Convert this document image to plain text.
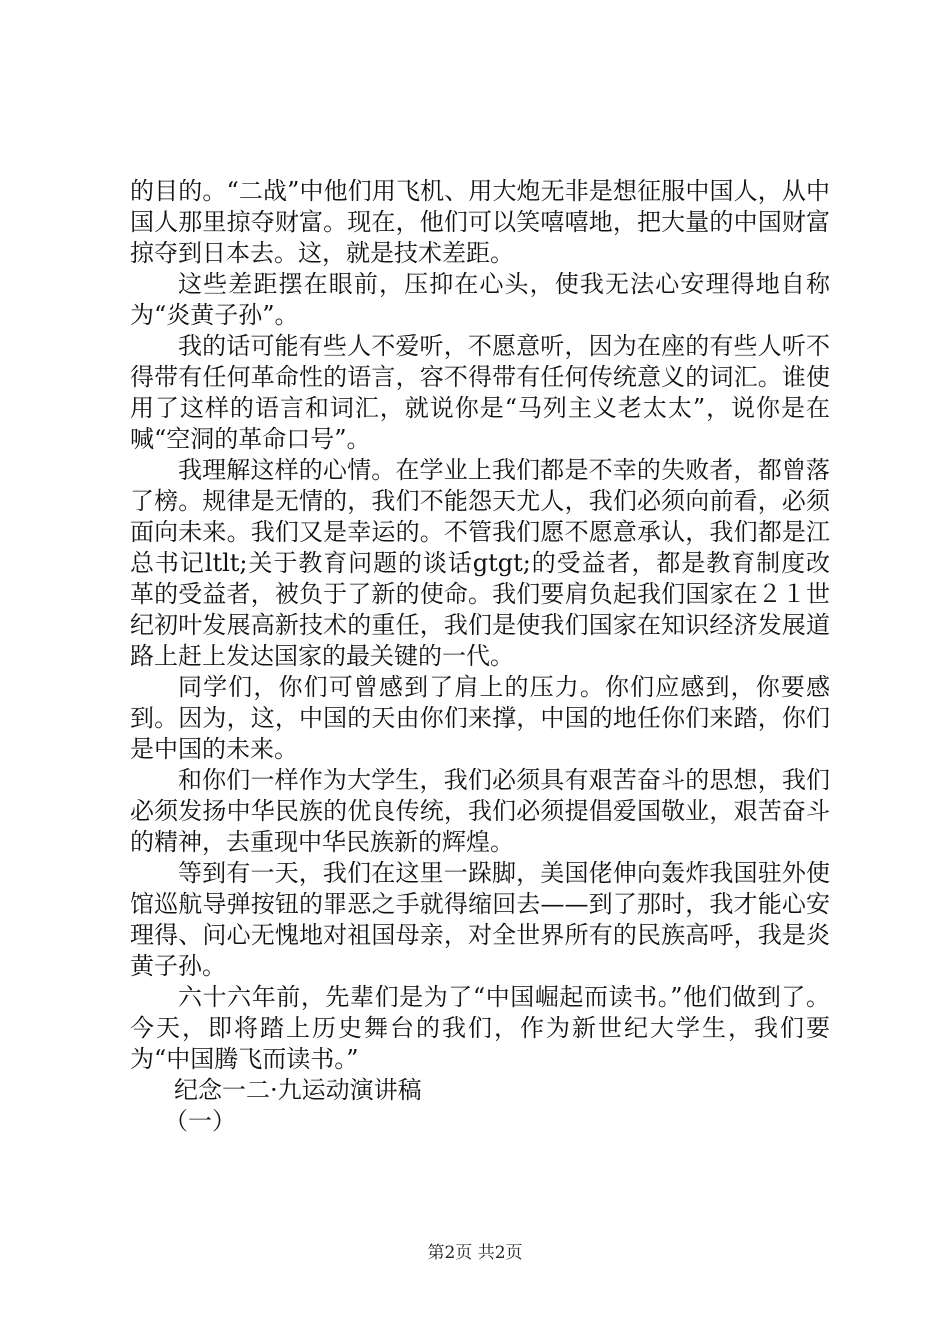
的目的。“二战”中他们用飞机、用大炮无非是想征服中国人，从中国人那里掠夺财富。现在，他们可以笑嘻嘻地，把大量的中国财富掠夺到日本去。这，就是技术差距。

这些差距摆在眼前，压抑在心头，使我无法心安理得地自称为“炎黄子孙”。

我的话可能有些人不爱听，不愿意听，因为在座的有些人听不得带有任何革命性的语言，容不得带有任何传统意义的词汇。谁使用了这样的语言和词汇，就说你是“马列主义老太太”，说你是在喊“空洞的革命口号”。

我理解这样的心情。在学业上我们都是不幸的失败者，都曾落了榜。规律是无情的，我们不能怨天尤人，我们必须向前看，必须面向未来。我们又是幸运的。不管我们愿不愿意承认，我们都是江总书记ltlt;关于教育问题的谈话gtgt;的受益者，都是教育制度改革的受益者，被负于了新的使命。我们要肩负起我们国家在２１世纪初叶发展高新技术的重任，我们是使我们国家在知识经济发展道路上赶上发达国家的最关键的一代。

同学们，你们可曾感到了肩上的压力。你们应感到，你要感到。因为，这，中国的天由你们来撑，中国的地任你们来踏，你们是中国的未来。

和你们一样作为大学生，我们必须具有艰苦奋斗的思想，我们必须发扬中华民族的优良传统，我们必须提倡爱国敬业，艰苦奋斗的精神，去重现中华民族新的辉煌。

等到有一天，我们在这里一跺脚，美国佬伸向轰炸我国驻外使馆巡航导弹按钮的罪恶之手就得缩回去——到了那时，我才能心安理得、问心无愧地对祖国母亲，对全世界所有的民族高呼，我是炎黄子孙。

六十六年前，先辈们是为了“中国崛起而读书。”他们做到了。今天，即将踏上历史舞台的我们，作为新世纪大学生，我们要为“中国腾飞而读书。”

纪念一二·九运动演讲稿

（一）

第2页 共2页
